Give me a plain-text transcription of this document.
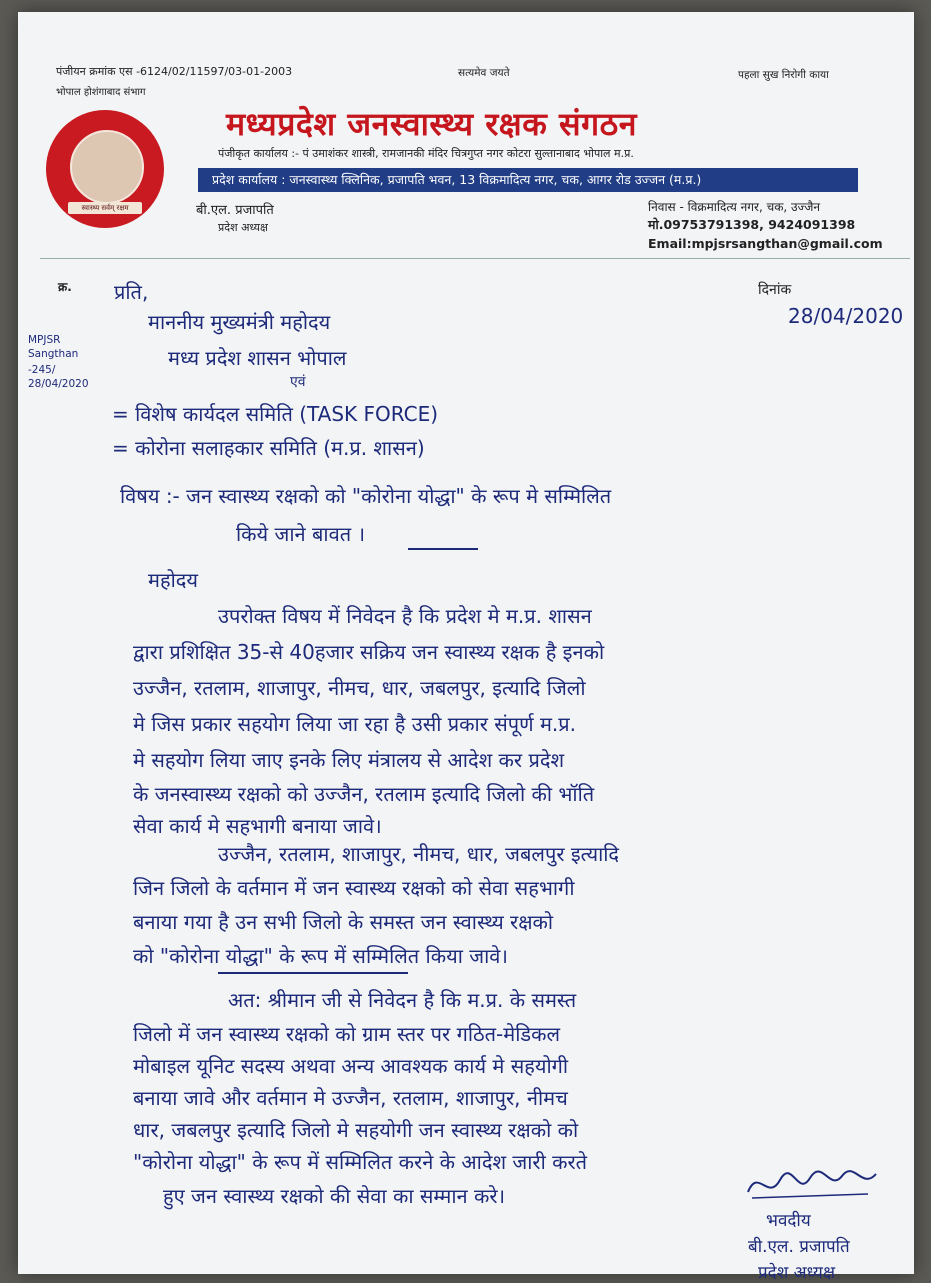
पंजीयन क्रमांक एस -6124/02/11597/03-01-2003
भोपाल होशंगाबाद संभाग
सत्यमेव जयते	पहला सुख निरोगी काया
स्वास्थ्य सर्वम् रक्षम
मध्यप्रदेश जनस्वास्थ्य रक्षक संगठन
पंजीकृत कार्यालय :- पं उमाशंकर शास्त्री, रामजानकी मंदिर चित्रगुप्त नगर कोटरा सुल्तानाबाद भोपाल म.प्र.
प्रदेश कार्यालय : जनस्वास्थ्य क्लिनिक, प्रजापति भवन, 13 विक्रमादित्य नगर, चक, आगर रोड उज्जन (म.प्र.)
बी.एल. प्रजापति
प्रदेश अध्यक्ष
निवास - विक्रमादित्य नगर, चक, उज्जैन
मो.09753791398, 9424091398
Email:mpjsrsangthan@gmail.com
क्र.	दिनांक
28/04/2020
MPJSR
Sangthan
-245/
28/04/2020
प्रति,
माननीय मुख्यमंत्री महोदय
मध्य प्रदेश शासन भोपाल
एवं
= विशेष कार्यदल समिति (TASK FORCE)
= कोरोना सलाहकार समिति (म.प्र. शासन)
विषय :- जन स्वास्थ्य रक्षको को "कोरोना योद्धा" के रूप मे सम्मिलित
किये जाने बावत ।
महोदय
उपरोक्त विषय में निवेदन है कि प्रदेश मे म.प्र. शासन
द्वारा प्रशिक्षित 35-से 40हजार सक्रिय जन स्वास्थ्य रक्षक है इनको
उज्जैन, रतलाम, शाजापुर, नीमच, धार, जबलपुर, इत्यादि जिलो
मे जिस प्रकार सहयोग लिया जा रहा है उसी प्रकार संपूर्ण म.प्र.
मे सहयोग लिया जाए इनके लिए मंत्रालय से आदेश कर प्रदेश
के जनस्वास्थ्य रक्षको को उज्जैन, रतलाम इत्यादि जिलो की भॉति
सेवा कार्य मे सहभागी बनाया जावे।
उज्जैन, रतलाम, शाजापुर, नीमच, धार, जबलपुर इत्यादि
जिन जिलो के वर्तमान में जन स्वास्थ्य रक्षको को सेवा सहभागी
बनाया गया है उन सभी जिलो के समस्त जन स्वास्थ्य रक्षको
को "कोरोना योद्धा" के रूप में सम्मिलित किया जावे।
अत: श्रीमान जी से निवेदन है कि म.प्र. के समस्त
जिलो में जन स्वास्थ्य रक्षको को ग्राम स्तर पर गठित-मेडिकल
मोबाइल यूनिट सदस्य अथवा अन्य आवश्यक कार्य मे सहयोगी
बनाया जावे और वर्तमान मे उज्जैन, रतलाम, शाजापुर, नीमच
धार, जबलपुर इत्यादि जिलो मे सहयोगी जन स्वास्थ्य रक्षको को
"कोरोना योद्धा" के रूप में सम्मिलित करने के आदेश जारी करते
हुए जन स्वास्थ्य रक्षको की सेवा का सम्मान करे।
भवदीय
बी.एल. प्रजापति
प्रदेश अध्यक्ष
